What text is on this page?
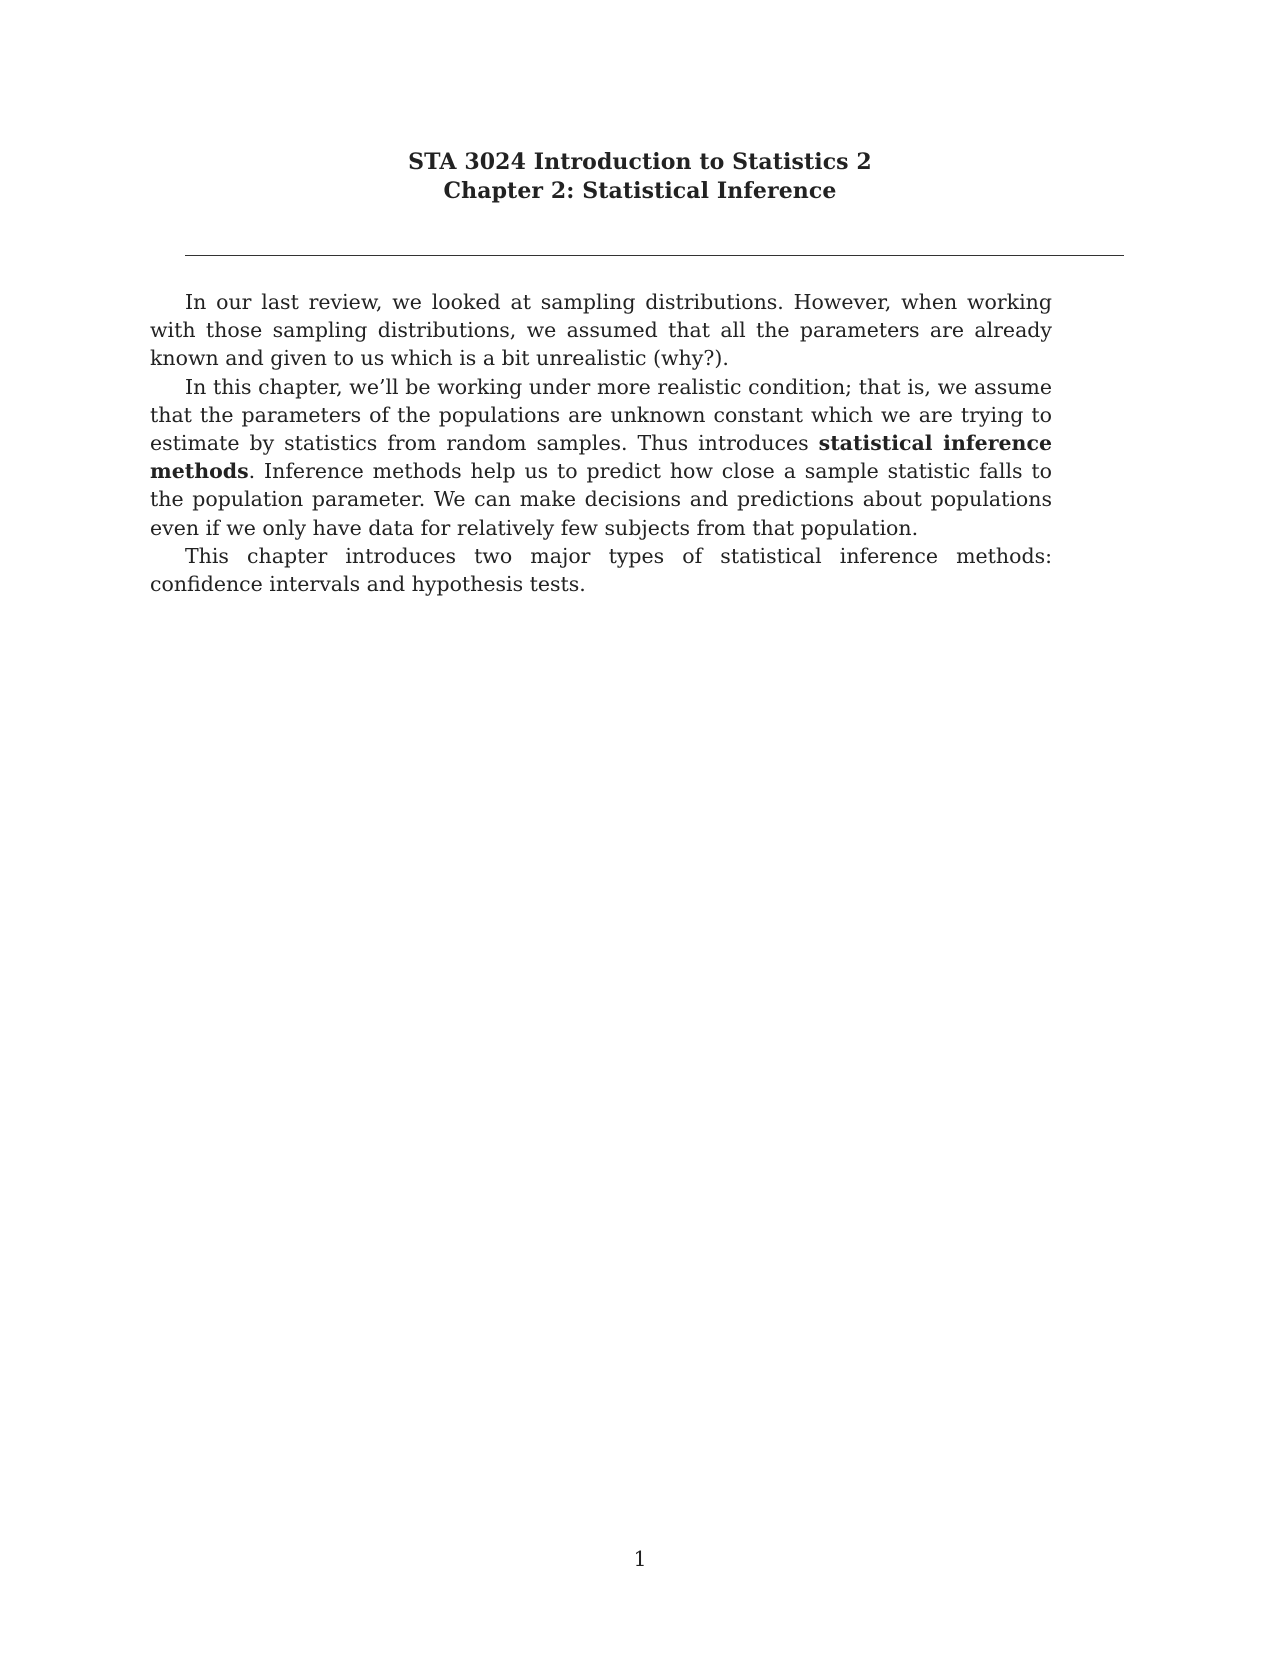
STA 3024 Introduction to Statistics 2
Chapter 2: Statistical Inference

In our last review, we looked at sampling distributions. However, when working with those sampling distributions, we assumed that all the parameters are already known and given to us which is a bit unrealistic (why?).

In this chapter, we’ll be working under more realistic condition; that is, we assume that the parameters of the populations are unknown constant which we are trying to estimate by statistics from random samples. Thus introduces statistical inference methods. Inference methods help us to predict how close a sample statistic falls to the population parameter. We can make decisions and predictions about populations even if we only have data for relatively few subjects from that population.

This chapter introduces two major types of statistical inference methods: confidence intervals and hypothesis tests.

1
